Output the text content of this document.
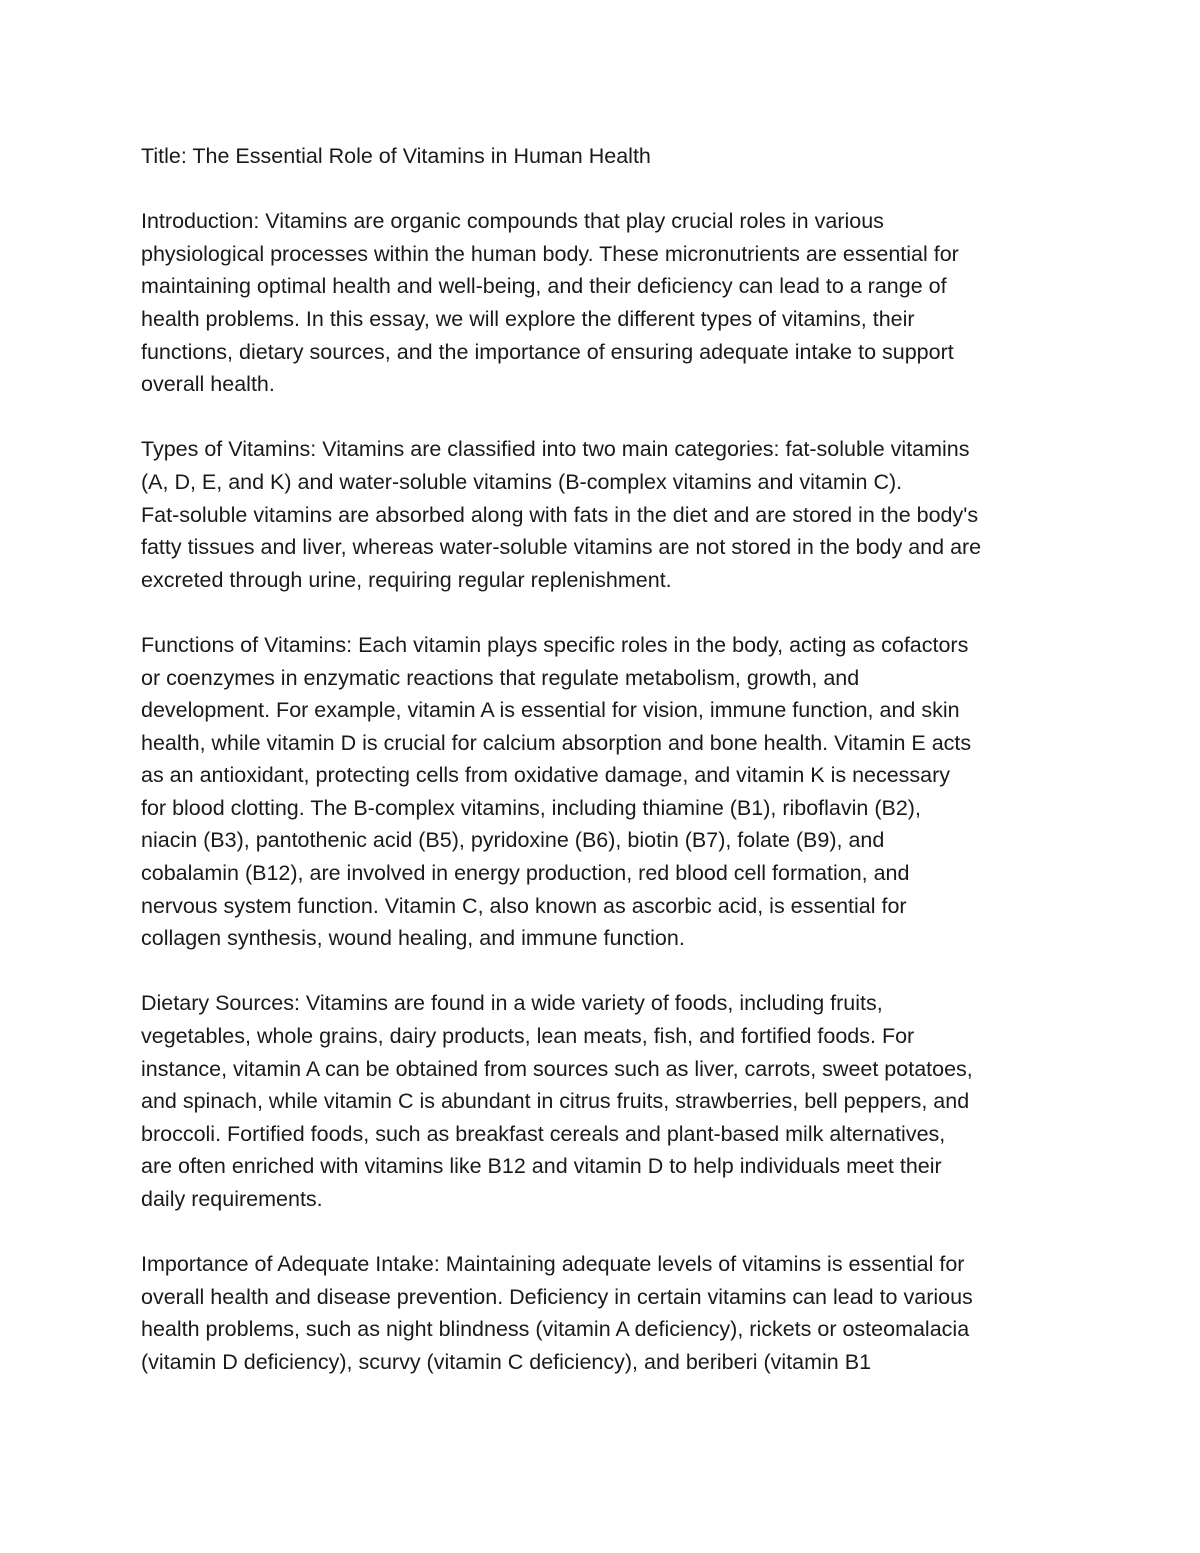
Title: The Essential Role of Vitamins in Human Health
Introduction: Vitamins are organic compounds that play crucial roles in various
physiological processes within the human body. These micronutrients are essential for
maintaining optimal health and well-being, and their deficiency can lead to a range of
health problems. In this essay, we will explore the different types of vitamins, their
functions, dietary sources, and the importance of ensuring adequate intake to support
overall health.
Types of Vitamins: Vitamins are classified into two main categories: fat-soluble vitamins
(A, D, E, and K) and water-soluble vitamins (B-complex vitamins and vitamin C).
Fat-soluble vitamins are absorbed along with fats in the diet and are stored in the body's
fatty tissues and liver, whereas water-soluble vitamins are not stored in the body and are
excreted through urine, requiring regular replenishment.
Functions of Vitamins: Each vitamin plays specific roles in the body, acting as cofactors
or coenzymes in enzymatic reactions that regulate metabolism, growth, and
development. For example, vitamin A is essential for vision, immune function, and skin
health, while vitamin D is crucial for calcium absorption and bone health. Vitamin E acts
as an antioxidant, protecting cells from oxidative damage, and vitamin K is necessary
for blood clotting. The B-complex vitamins, including thiamine (B1), riboflavin (B2),
niacin (B3), pantothenic acid (B5), pyridoxine (B6), biotin (B7), folate (B9), and
cobalamin (B12), are involved in energy production, red blood cell formation, and
nervous system function. Vitamin C, also known as ascorbic acid, is essential for
collagen synthesis, wound healing, and immune function.
Dietary Sources: Vitamins are found in a wide variety of foods, including fruits,
vegetables, whole grains, dairy products, lean meats, fish, and fortified foods. For
instance, vitamin A can be obtained from sources such as liver, carrots, sweet potatoes,
and spinach, while vitamin C is abundant in citrus fruits, strawberries, bell peppers, and
broccoli. Fortified foods, such as breakfast cereals and plant-based milk alternatives,
are often enriched with vitamins like B12 and vitamin D to help individuals meet their
daily requirements.
Importance of Adequate Intake: Maintaining adequate levels of vitamins is essential for
overall health and disease prevention. Deficiency in certain vitamins can lead to various
health problems, such as night blindness (vitamin A deficiency), rickets or osteomalacia
(vitamin D deficiency), scurvy (vitamin C deficiency), and beriberi (vitamin B1
